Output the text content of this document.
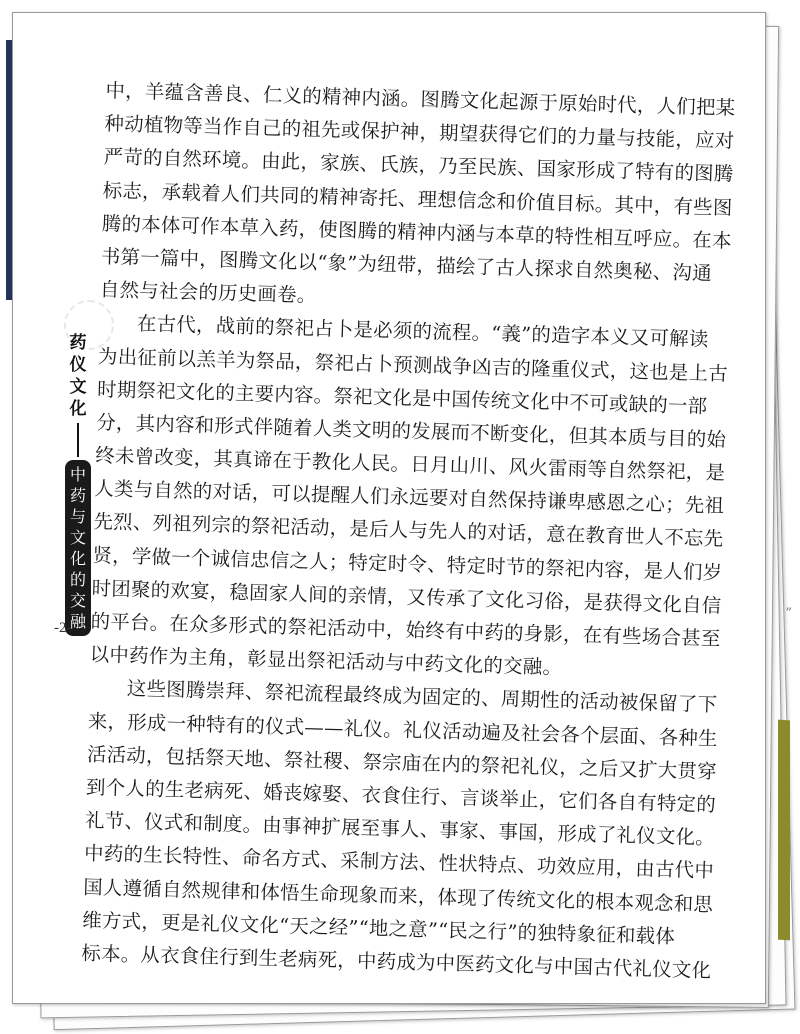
药
仪
文
化
中
药
与
文
化
的
交
融
-2-
中，羊蕴含善良、仁义的精神内涵。图腾文化起源于原始时代，人们把某
种动植物等当作自己的祖先或保护神，期望获得它们的力量与技能，应对
严苛的自然环境。由此，家族、氏族，乃至民族、国家形成了特有的图腾
标志，承载着人们共同的精神寄托、理想信念和价值目标。其中，有些图
腾的本体可作本草入药，使图腾的精神内涵与本草的特性相互呼应。在本
书第一篇中，图腾文化以“象”为纽带，描绘了古人探求自然奥秘、沟通
自然与社会的历史画卷。
在古代，战前的祭祀占卜是必须的流程。“義”的造字本义又可解读
为出征前以羔羊为祭品，祭祀占卜预测战争凶吉的隆重仪式，这也是上古
时期祭祀文化的主要内容。祭祀文化是中国传统文化中不可或缺的一部
分，其内容和形式伴随着人类文明的发展而不断变化，但其本质与目的始
终未曾改变，其真谛在于教化人民。日月山川、风火雷雨等自然祭祀，是
人类与自然的对话，可以提醒人们永远要对自然保持谦卑感恩之心；先祖
先烈、列祖列宗的祭祀活动，是后人与先人的对话，意在教育世人不忘先
贤，学做一个诚信忠信之人；特定时令、特定时节的祭祀内容，是人们岁
时团聚的欢宴，稳固家人间的亲情，又传承了文化习俗，是获得文化自信
的平台。在众多形式的祭祀活动中，始终有中药的身影，在有些场合甚至
以中药作为主角，彰显出祭祀活动与中药文化的交融。
这些图腾崇拜、祭祀流程最终成为固定的、周期性的活动被保留了下
来，形成一种特有的仪式——礼仪。礼仪活动遍及社会各个层面、各种生
活活动，包括祭天地、祭社稷、祭宗庙在内的祭祀礼仪，之后又扩大贯穿
到个人的生老病死、婚丧嫁娶、衣食住行、言谈举止，它们各自有特定的
礼节、仪式和制度。由事神扩展至事人、事家、事国，形成了礼仪文化。
中药的生长特性、命名方式、采制方法、性状特点、功效应用，由古代中
国人遵循自然规律和体悟生命现象而来，体现了传统文化的根本观念和思
维方式，更是礼仪文化“天之经”“地之意”“民之行”的独特象征和载体
标本。从衣食住行到生老病死，中药成为中医药文化与中国古代礼仪文化
”
